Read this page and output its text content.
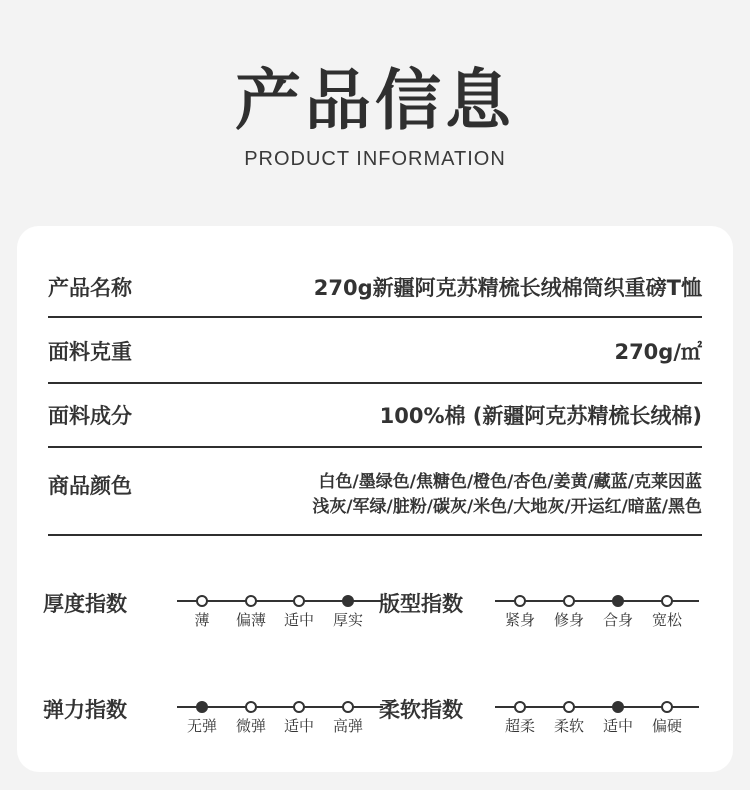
产品信息
PRODUCT INFORMATION
产品名称	270g新疆阿克苏精梳长绒棉筒织重磅T恤
面料克重	270g/㎡
面料成分	100%棉 (新疆阿克苏精梳长绒棉)
商品颜色	白色/墨绿色/焦糖色/橙色/杏色/姜黄/藏蓝/克莱因蓝
浅灰/军绿/脏粉/碳灰/米色/大地灰/开运红/暗蓝/黑色
厚度指数
薄 偏薄 适中 厚实
版型指数
紧身 修身 合身 宽松
弹力指数
无弹 微弹 适中 高弹
柔软指数
超柔 柔软 适中 偏硬
